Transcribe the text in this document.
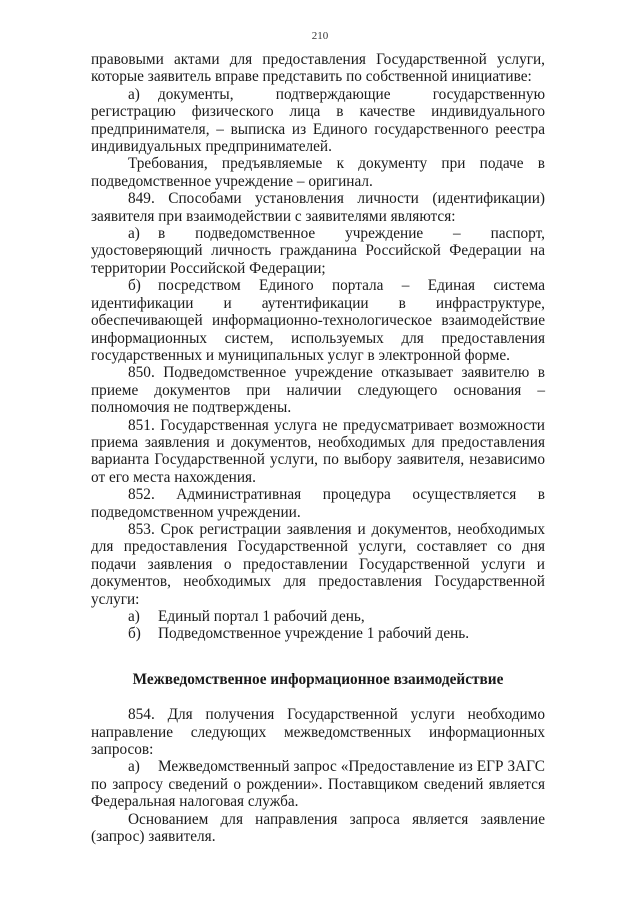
210

правовыми актами для предоставления Государственной услуги, которые заявитель вправе представить по собственной инициативе:

а) документы, подтверждающие государственную регистрацию физического лица в качестве индивидуального предпринимателя, – выписка из Единого государственного реестра индивидуальных предпринимателей.

Требования, предъявляемые к документу при подаче в подведомственное учреждение – оригинал.

849. Способами установления личности (идентификации) заявителя при взаимодействии с заявителями являются:

а) в подведомственное учреждение – паспорт, удостоверяющий личность гражданина Российской Федерации на территории Российской Федерации;

б) посредством Единого портала – Единая система идентификации и аутентификации в инфраструктуре, обеспечивающей информационно-технологическое взаимодействие информационных систем, используемых для предоставления государственных и муниципальных услуг в электронной форме.

850. Подведомственное учреждение отказывает заявителю в приеме документов при наличии следующего основания – полномочия не подтверждены.

851. Государственная услуга не предусматривает возможности приема заявления и документов, необходимых для предоставления варианта Государственной услуги, по выбору заявителя, независимо от его места нахождения.

852. Административная процедура осуществляется в подведомственном учреждении.

853. Срок регистрации заявления и документов, необходимых для предоставления Государственной услуги, составляет со дня подачи заявления о предоставлении Государственной услуги и документов, необходимых для предоставления Государственной услуги:

а) Единый портал 1 рабочий день,

б) Подведомственное учреждение 1 рабочий день.

Межведомственное информационное взаимодействие

854. Для получения Государственной услуги необходимо направление следующих межведомственных информационных запросов:

а) Межведомственный запрос «Предоставление из ЕГР ЗАГС по запросу сведений о рождении». Поставщиком сведений является Федеральная налоговая служба.

Основанием для направления запроса является заявление (запрос) заявителя.
